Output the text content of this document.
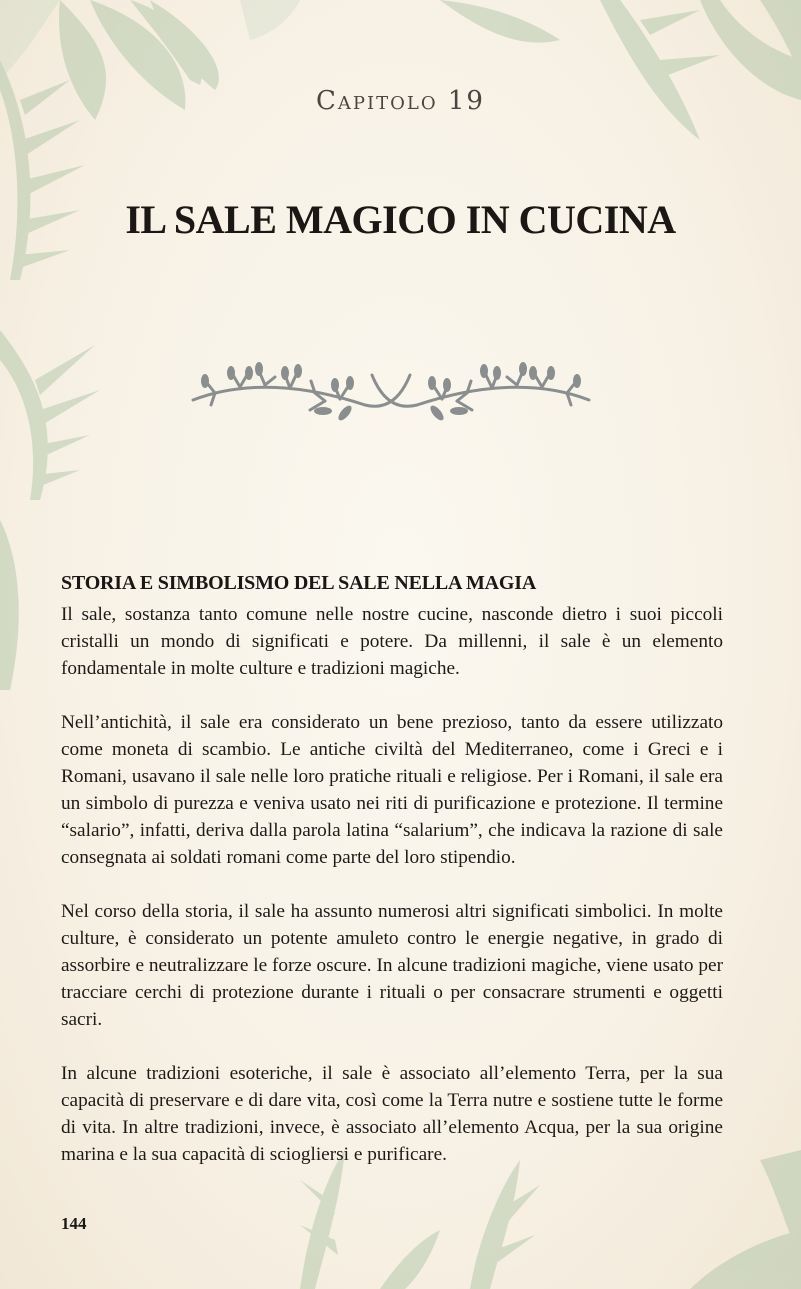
Capitolo 19
IL SALE MAGICO IN CUCINA
STORIA E SIMBOLISMO DEL SALE NELLA MAGIA

Il sale, sostanza tanto comune nelle nostre cucine, nasconde dietro i suoi piccoli cristalli un mondo di significati e potere. Da millenni, il sale è un elemento fondamentale in molte culture e tradizioni magiche.

Nell’antichità, il sale era considerato un bene prezioso, tanto da essere utilizzato come moneta di scambio. Le antiche civiltà del Mediterraneo, come i Greci e i Romani, usavano il sale nelle loro pratiche rituali e religiose. Per i Romani, il sale era un simbolo di purezza e veniva usato nei riti di purificazione e protezione. Il termine “salario”, infatti, deriva dalla parola latina “salarium”, che indicava la razione di sale consegnata ai soldati romani come parte del loro stipendio.

Nel corso della storia, il sale ha assunto numerosi altri significati simbolici. In molte culture, è considerato un potente amuleto contro le energie negative, in grado di assorbire e neutralizzare le forze oscure. In alcune tradizioni magiche, viene usato per tracciare cerchi di protezione durante i rituali o per consacrare strumenti e oggetti sacri.

In alcune tradizioni esoteriche, il sale è associato all’elemento Terra, per la sua capacità di preservare e di dare vita, così come la Terra nutre e sostiene tutte le forme di vita. In altre tradizioni, invece, è associato all’elemento Acqua, per la sua origine marina e la sua capacità di sciogliersi e purificare.

144
